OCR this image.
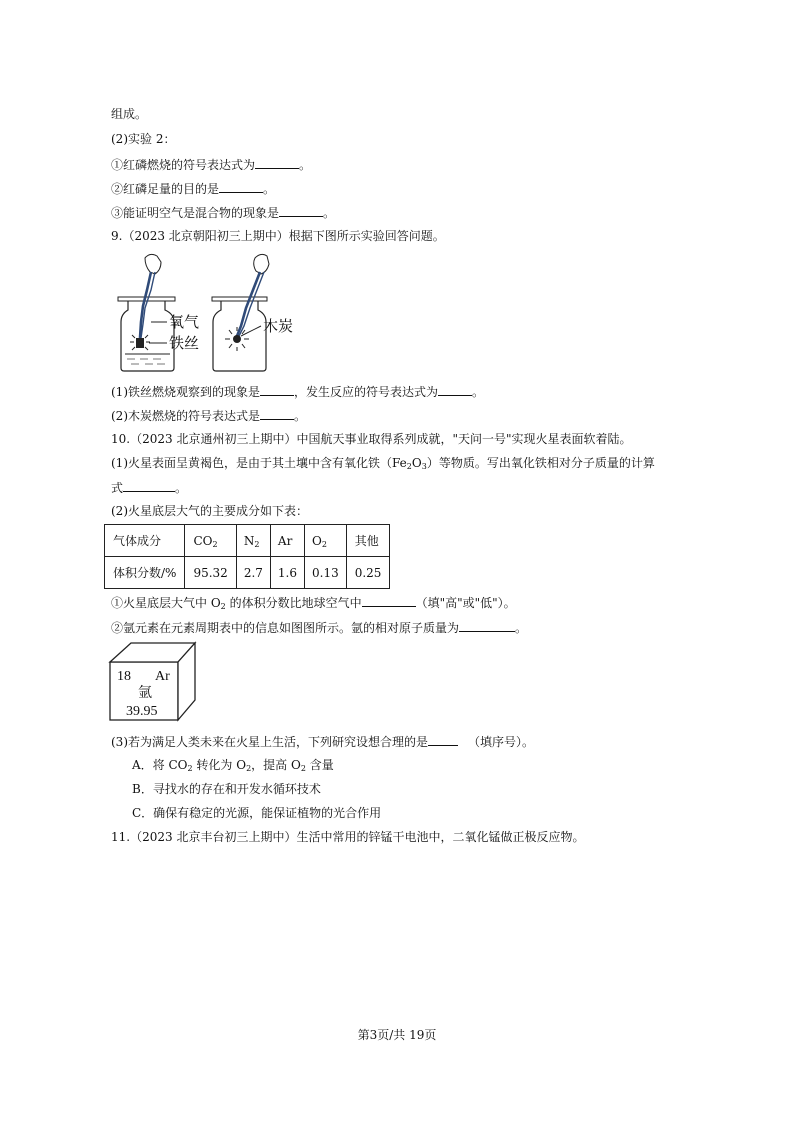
组成。
(2)实验 2：
①红磷燃烧的符号表达式为	。
②红磷足量的目的是	。
③能证明空气是混合物的现象是	。
9.（2023 北京朝阳初三上期中）根据下图所示实验回答问题。
氧气
铁丝
木炭
(1)铁丝燃烧观察到的现象是	，发生反应的符号表达式为	。
(2)木炭燃烧的符号表达式是	。
10.（2023 北京通州初三上期中）中国航天事业取得系列成就，"天问一号"实现火星表面软着陆。
(1)火星表面呈黄褐色，是由于其土壤中含有氧化铁$(Fe_2O_3)$等物质。写出氧化铁相对分子质量的计算
式	。
(2)火星底层大气的主要成分如下表：
气体成分	$CO_2$	$N_2$	Ar	$O_2$	其他
体积分数/%	95.32	2.7	1.6	0.13	0.25
①火星底层大气中 $O_2$ 的体积分数比地球空气中	（填"高"或"低"）。
②氩元素在元素周期表中的信息如图图所示。氩的相对原子质量为	。
18 Ar
氩
39.95
(3)若为满足人类未来在火星上生活，下列研究设想合理的是	（填序号）。
A．将 $CO_2$ 转化为 $O_2$，提高 $O_2$ 含量
B．寻找水的存在和开发水循环技术
C．确保有稳定的光源，能保证植物的光合作用
11.（2023 北京丰台初三上期中）生活中常用的锌锰干电池中，二氧化锰做正极反应物。
第3页/共 19页
